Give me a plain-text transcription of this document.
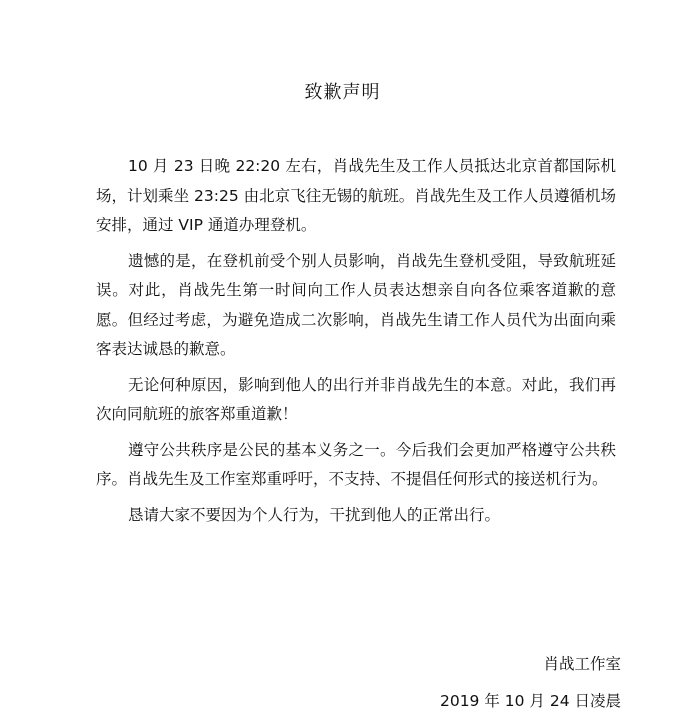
致歉声明

10 月 23 日晚 22:20 左右，肖战先生及工作人员抵达北京首都国际机场，计划乘坐 23:25 由北京飞往无锡的航班。肖战先生及工作人员遵循机场安排，通过 VIP 通道办理登机。

遗憾的是，在登机前受个别人员影响，肖战先生登机受阻，导致航班延误。对此，肖战先生第一时间向工作人员表达想亲自向各位乘客道歉的意愿。但经过考虑，为避免造成二次影响，肖战先生请工作人员代为出面向乘客表达诚恳的歉意。

无论何种原因，影响到他人的出行并非肖战先生的本意。对此，我们再次向同航班的旅客郑重道歉！

遵守公共秩序是公民的基本义务之一。今后我们会更加严格遵守公共秩序。肖战先生及工作室郑重呼吁，不支持、不提倡任何形式的接送机行为。

恳请大家不要因为个人行为，干扰到他人的正常出行。

肖战工作室
2019 年 10 月 24 日凌晨
